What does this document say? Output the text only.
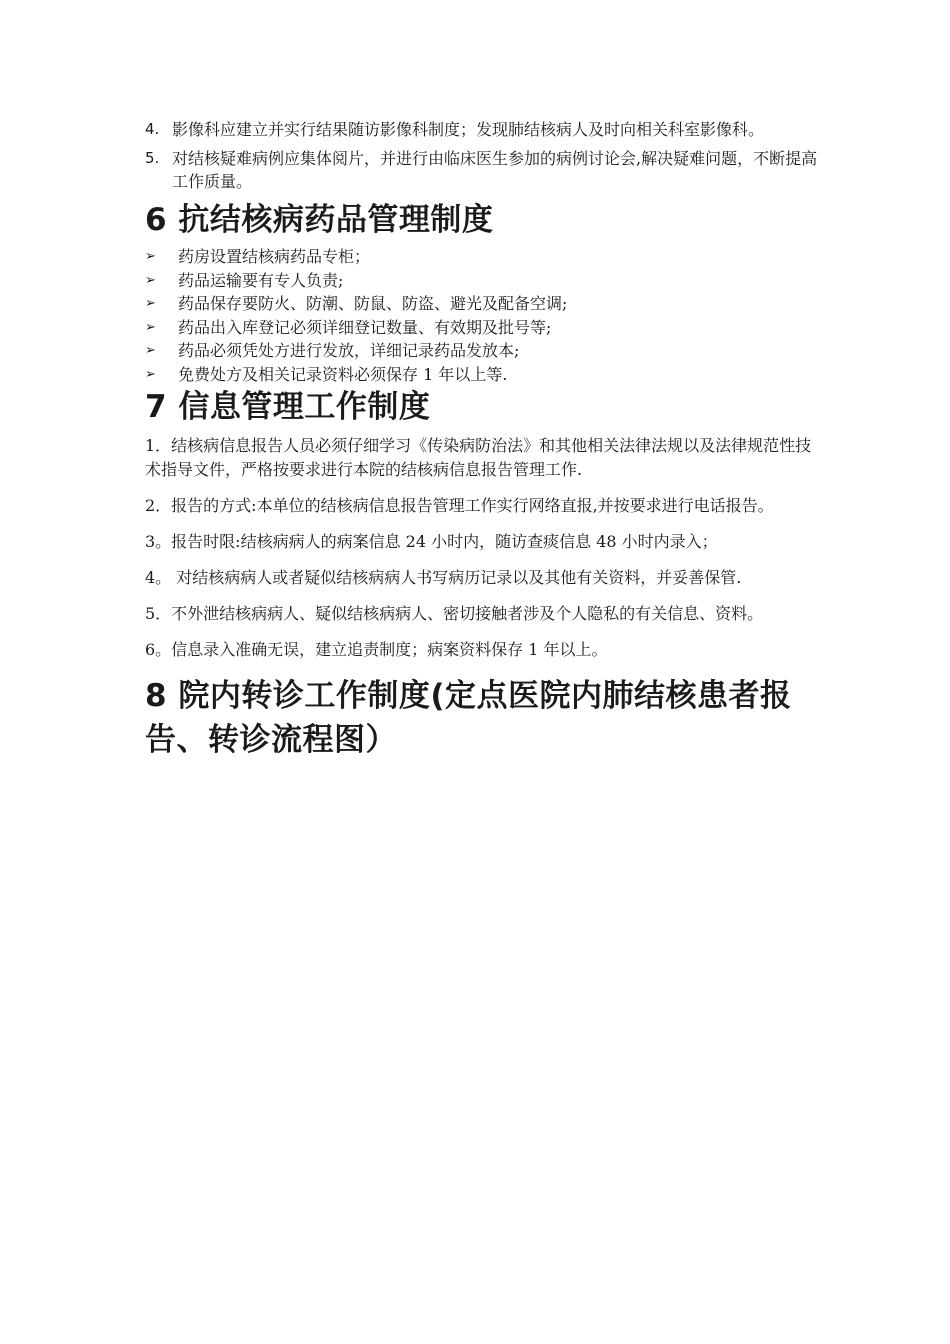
4. 影像科应建立并实行结果随访影像科制度；发现肺结核病人及时向相关科室影像科。
5. 对结核疑难病例应集体阅片，并进行由临床医生参加的病例讨论会,解决疑难问题，不断提高工作质量。
6 抗结核病药品管理制度
➢	药房设置结核病药品专柜；
➢	药品运输要有专人负责;
➢	药品保存要防火、防潮、防鼠、防盗、避光及配备空调;
➢	药品出入库登记必须详细登记数量、有效期及批号等;
➢	药品必须凭处方进行发放，详细记录药品发放本;
➢	免费处方及相关记录资料必须保存 1 年以上等.
7 信息管理工作制度

1．结核病信息报告人员必须仔细学习《传染病防治法》和其他相关法律法规以及法律规范性技术指导文件，严格按要求进行本院的结核病信息报告管理工作.

2．报告的方式:本单位的结核病信息报告管理工作实行网络直报,并按要求进行电话报告。

3。报告时限:结核病病人的病案信息 24 小时内，随访查痰信息 48 小时内录入；

4。 对结核病病人或者疑似结核病病人书写病历记录以及其他有关资料，并妥善保管.

5．不外泄结核病病人、疑似结核病病人、密切接触者涉及个人隐私的有关信息、资料。

6。信息录入准确无误，建立追责制度；病案资料保存 1 年以上。

8 院内转诊工作制度(定点医院内肺结核患者报告、转诊流程图）
